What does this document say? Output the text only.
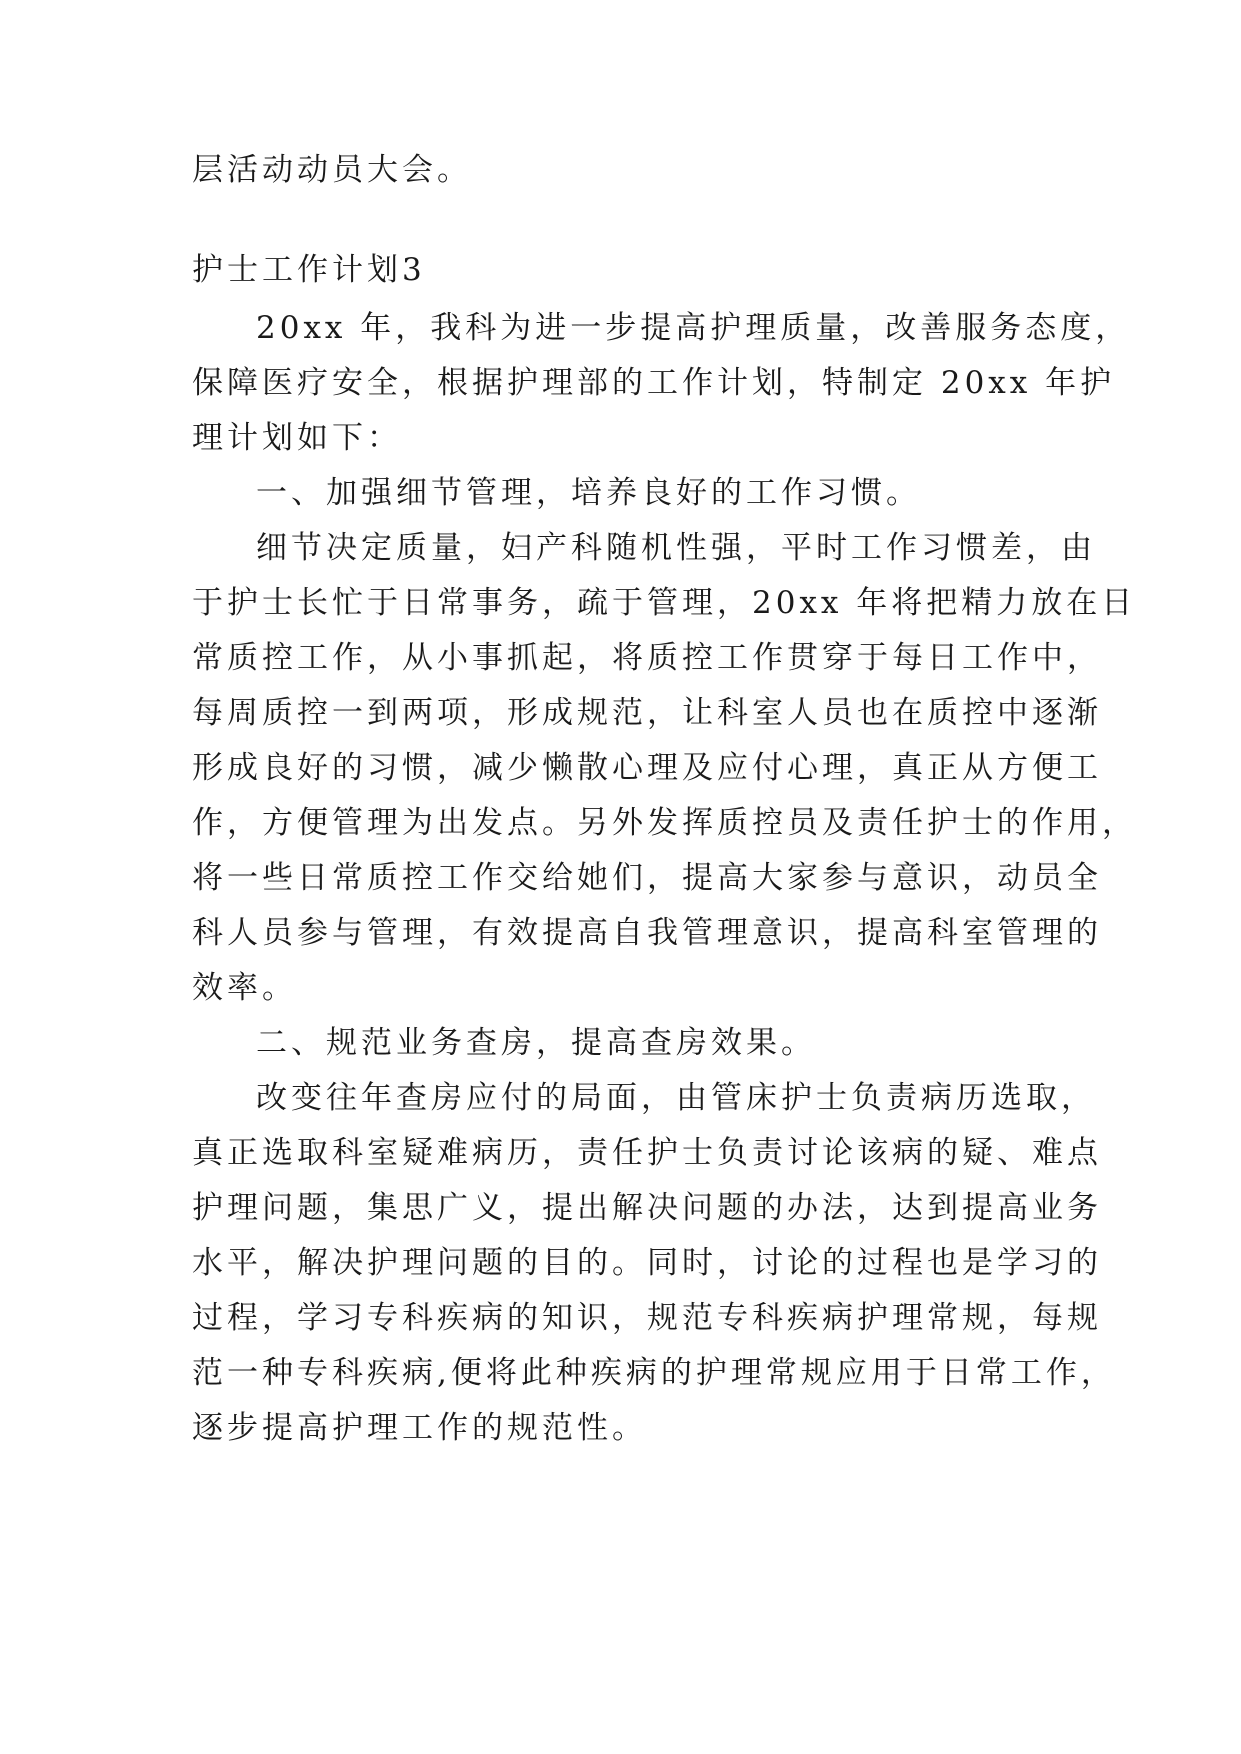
层活动动员大会。
护士工作计划3
20xx 年，我科为进一步提高护理质量，改善服务态度，
保障医疗安全，根据护理部的工作计划，特制定 20xx 年护
理计划如下：
一、加强细节管理，培养良好的工作习惯。
细节决定质量，妇产科随机性强，平时工作习惯差，由
于护士长忙于日常事务，疏于管理，20xx 年将把精力放在日
常质控工作，从小事抓起，将质控工作贯穿于每日工作中，
每周质控一到两项，形成规范，让科室人员也在质控中逐渐
形成良好的习惯，减少懒散心理及应付心理，真正从方便工
作，方便管理为出发点。另外发挥质控员及责任护士的作用，
将一些日常质控工作交给她们，提高大家参与意识，动员全
科人员参与管理，有效提高自我管理意识，提高科室管理的
效率。
二、规范业务查房，提高查房效果。
改变往年查房应付的局面，由管床护士负责病历选取，
真正选取科室疑难病历，责任护士负责讨论该病的疑、难点
护理问题，集思广义，提出解决问题的办法，达到提高业务
水平，解决护理问题的目的。同时，讨论的过程也是学习的
过程，学习专科疾病的知识，规范专科疾病护理常规，每规
范一种专科疾病,便将此种疾病的护理常规应用于日常工作，
逐步提高护理工作的规范性。
